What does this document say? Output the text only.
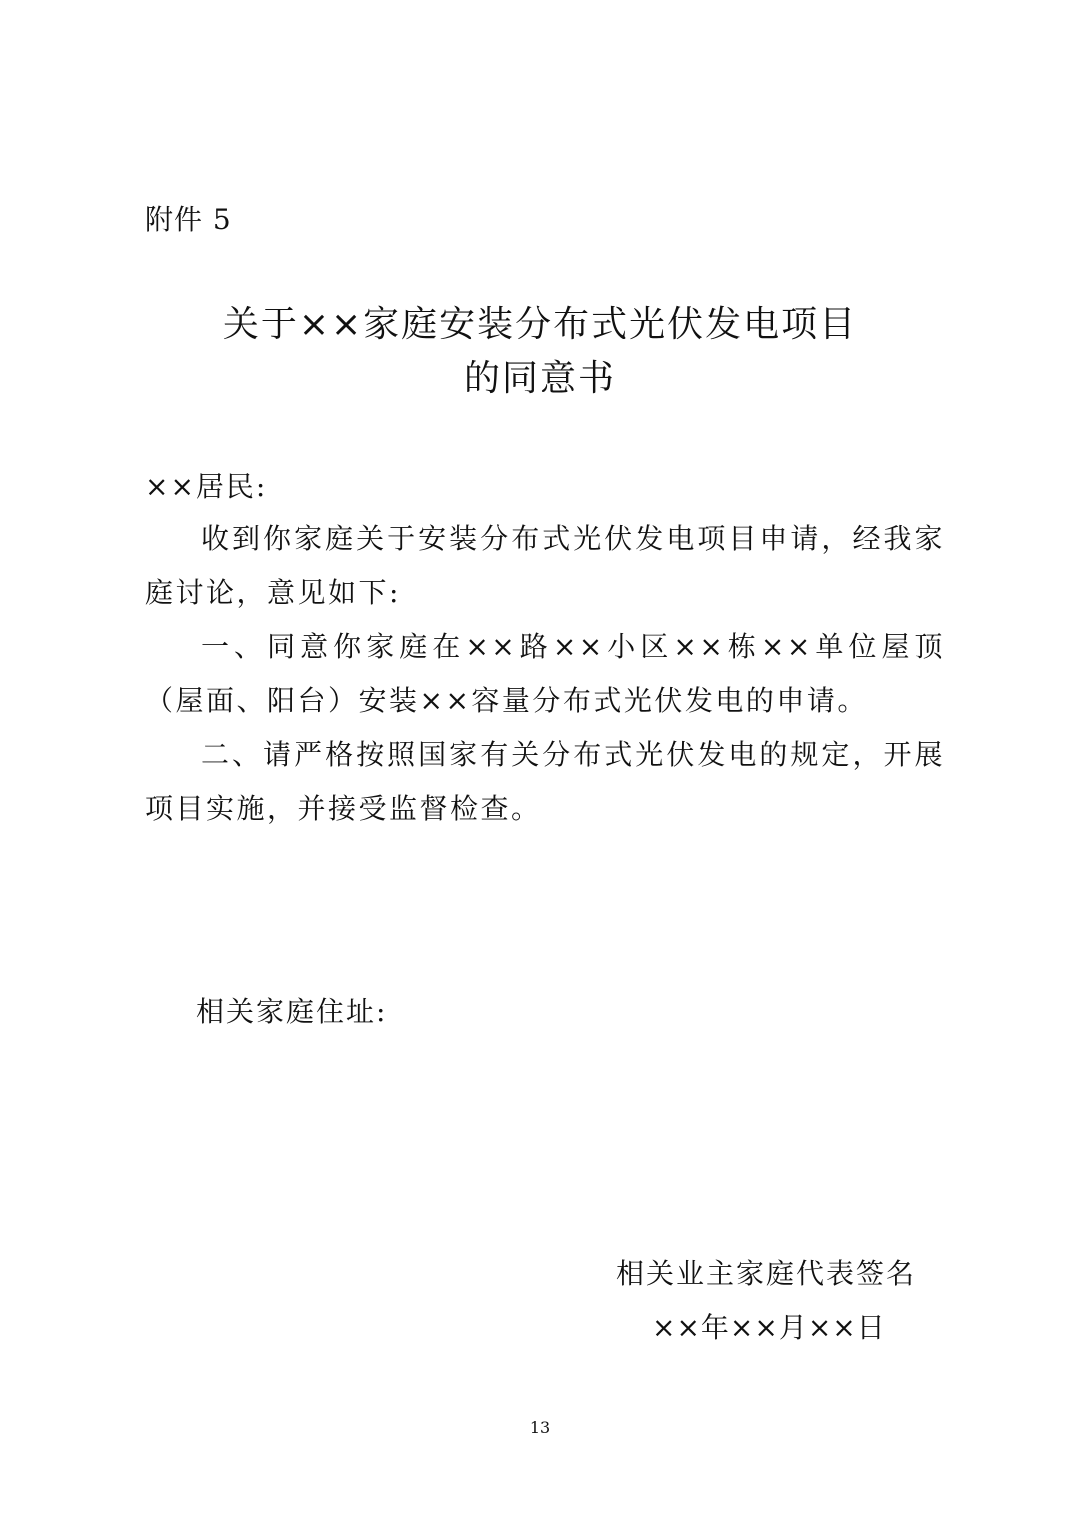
附件 5
关于××家庭安装分布式光伏发电项目
的同意书
××居民:

收到你家庭关于安装分布式光伏发电项目申请，经我家庭讨论，意见如下:

一、同意你家庭在××路××小区××栋××单位屋顶（屋面、阳台）安装××容量分布式光伏发电的申请。

二、请严格按照国家有关分布式光伏发电的规定，开展项目实施，并接受监督检查。

相关家庭住址:
相关业主家庭代表签名
××年××月××日
13
